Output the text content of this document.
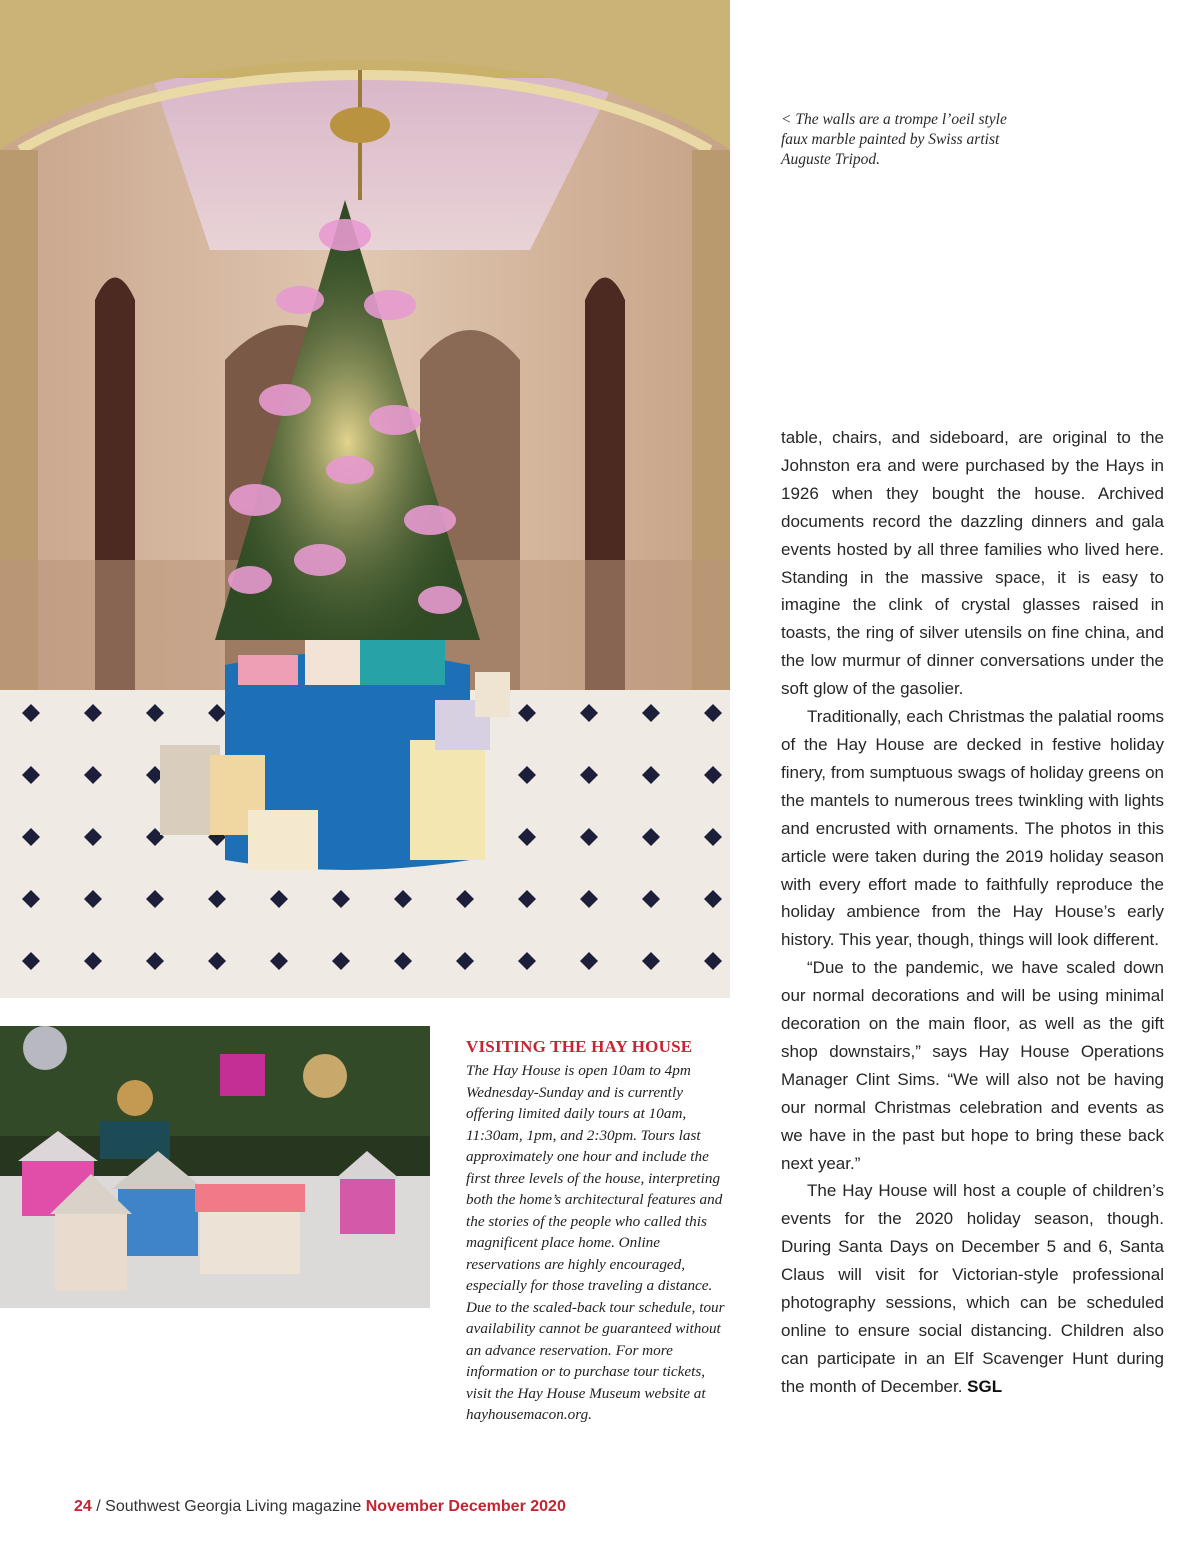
< The walls are a trompe l’oeil style faux marble painted by Swiss artist Auguste Tripod.

table, chairs, and sideboard, are original to the Johnston era and were purchased by the Hays in 1926 when they bought the house. Archived documents record the dazzling dinners and gala events hosted by all three families who lived here. Standing in the massive space, it is easy to imagine the clink of crystal glasses raised in toasts, the ring of silver utensils on fine china, and the low murmur of dinner conversations under the soft glow of the gasolier.

Traditionally, each Christmas the palatial rooms of the Hay House are decked in festive holiday finery, from sumptuous swags of holiday greens on the mantels to numerous trees twinkling with lights and encrusted with ornaments. The photos in this article were taken during the 2019 holiday season with every effort made to faithfully reproduce the holiday ambience from the Hay House’s early history. This year, though, things will look different.

“Due to the pandemic, we have scaled down our normal decorations and will be using minimal decoration on the main floor, as well as the gift shop downstairs,” says Hay House Operations Manager Clint Sims. “We will also not be having our normal Christmas celebration and events as we have in the past but hope to bring these back next year.”

The Hay House will host a couple of children’s events for the 2020 holiday season, though. During Santa Days on December 5 and 6, Santa Claus will visit for Victorian-style professional photography sessions, which can be scheduled online to ensure social distancing. Children also can participate in an Elf Scavenger Hunt during the month of December. SGL

VISITING THE HAY HOUSE

The Hay House is open 10am to 4pm Wednesday-Sunday and is currently offering limited daily tours at 10am, 11:30am, 1pm, and 2:30pm. Tours last approximately one hour and include the first three levels of the house, interpreting both the home’s architectural features and the stories of the people who called this magnificent place home. Online reservations are highly encouraged, especially for those traveling a distance. Due to the scaled-back tour schedule, tour availability cannot be guaranteed without an advance reservation. For more information or to purchase tour tickets, visit the Hay House Museum website at hayhousemacon.org.

24 / Southwest Georgia Living magazine November December 2020
